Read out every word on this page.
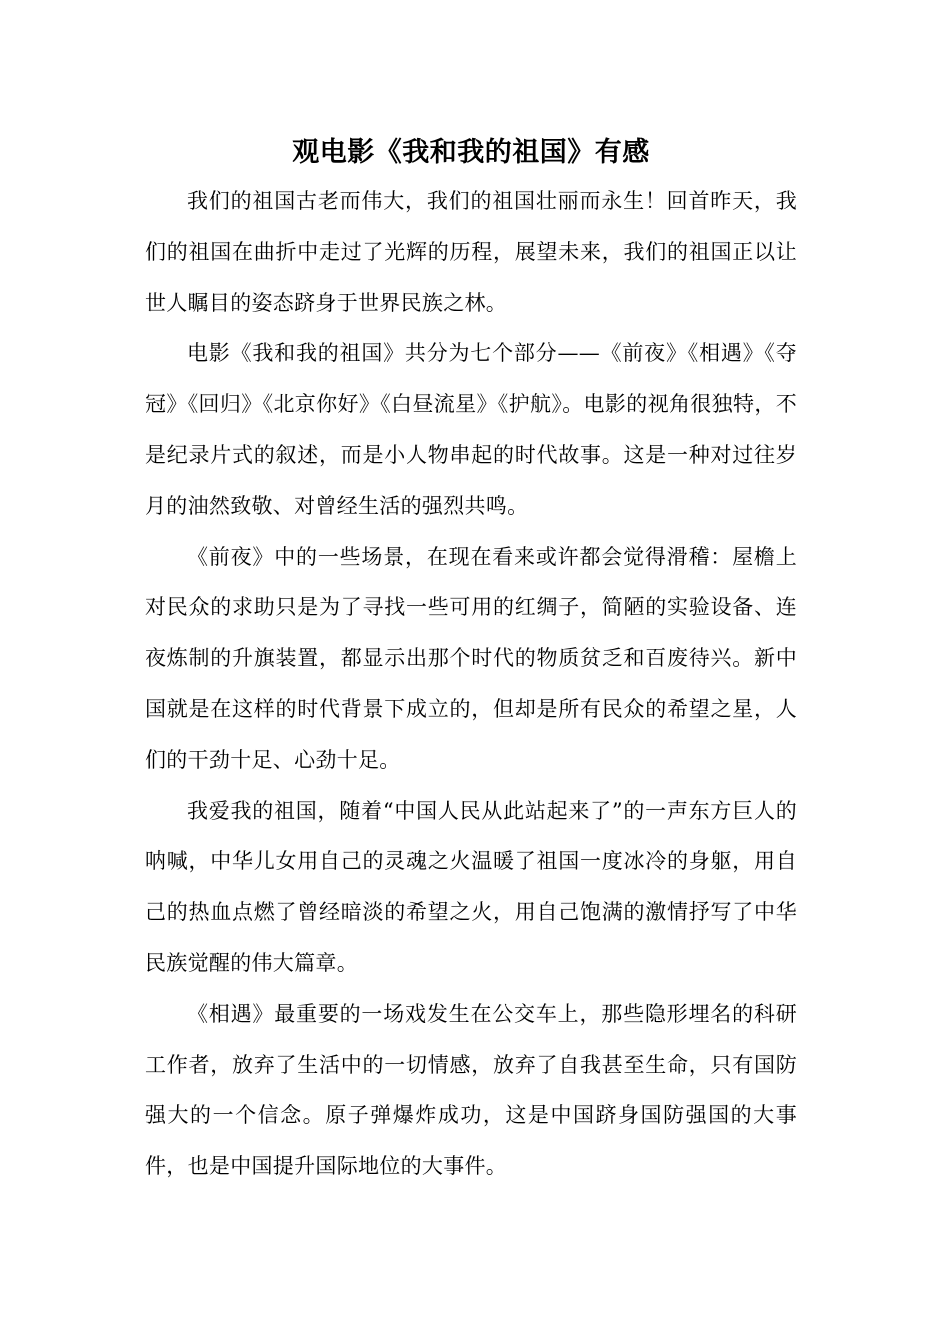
观电影《我和我的祖国》有感

我们的祖国古老而伟大，我们的祖国壮丽而永生！回首昨天，我们的祖国在曲折中走过了光辉的历程，展望未来，我们的祖国正以让世人瞩目的姿态跻身于世界民族之林。

电影《我和我的祖国》共分为七个部分——《前夜》《相遇》《夺冠》《回归》《北京你好》《白昼流星》《护航》。电影的视角很独特，不是纪录片式的叙述，而是小人物串起的时代故事。这是一种对过往岁月的油然致敬、对曾经生活的强烈共鸣。

《前夜》中的一些场景，在现在看来或许都会觉得滑稽：屋檐上对民众的求助只是为了寻找一些可用的红绸子，简陋的实验设备、连夜炼制的升旗装置，都显示出那个时代的物质贫乏和百废待兴。新中国就是在这样的时代背景下成立的，但却是所有民众的希望之星，人们的干劲十足、心劲十足。

我爱我的祖国，随着“中国人民从此站起来了”的一声东方巨人的呐喊，中华儿女用自己的灵魂之火温暖了祖国一度冰冷的身躯，用自己的热血点燃了曾经暗淡的希望之火，用自己饱满的激情抒写了中华民族觉醒的伟大篇章。

《相遇》最重要的一场戏发生在公交车上，那些隐形埋名的科研工作者，放弃了生活中的一切情感，放弃了自我甚至生命，只有国防强大的一个信念。原子弹爆炸成功，这是中国跻身国防强国的大事件，也是中国提升国际地位的大事件。
